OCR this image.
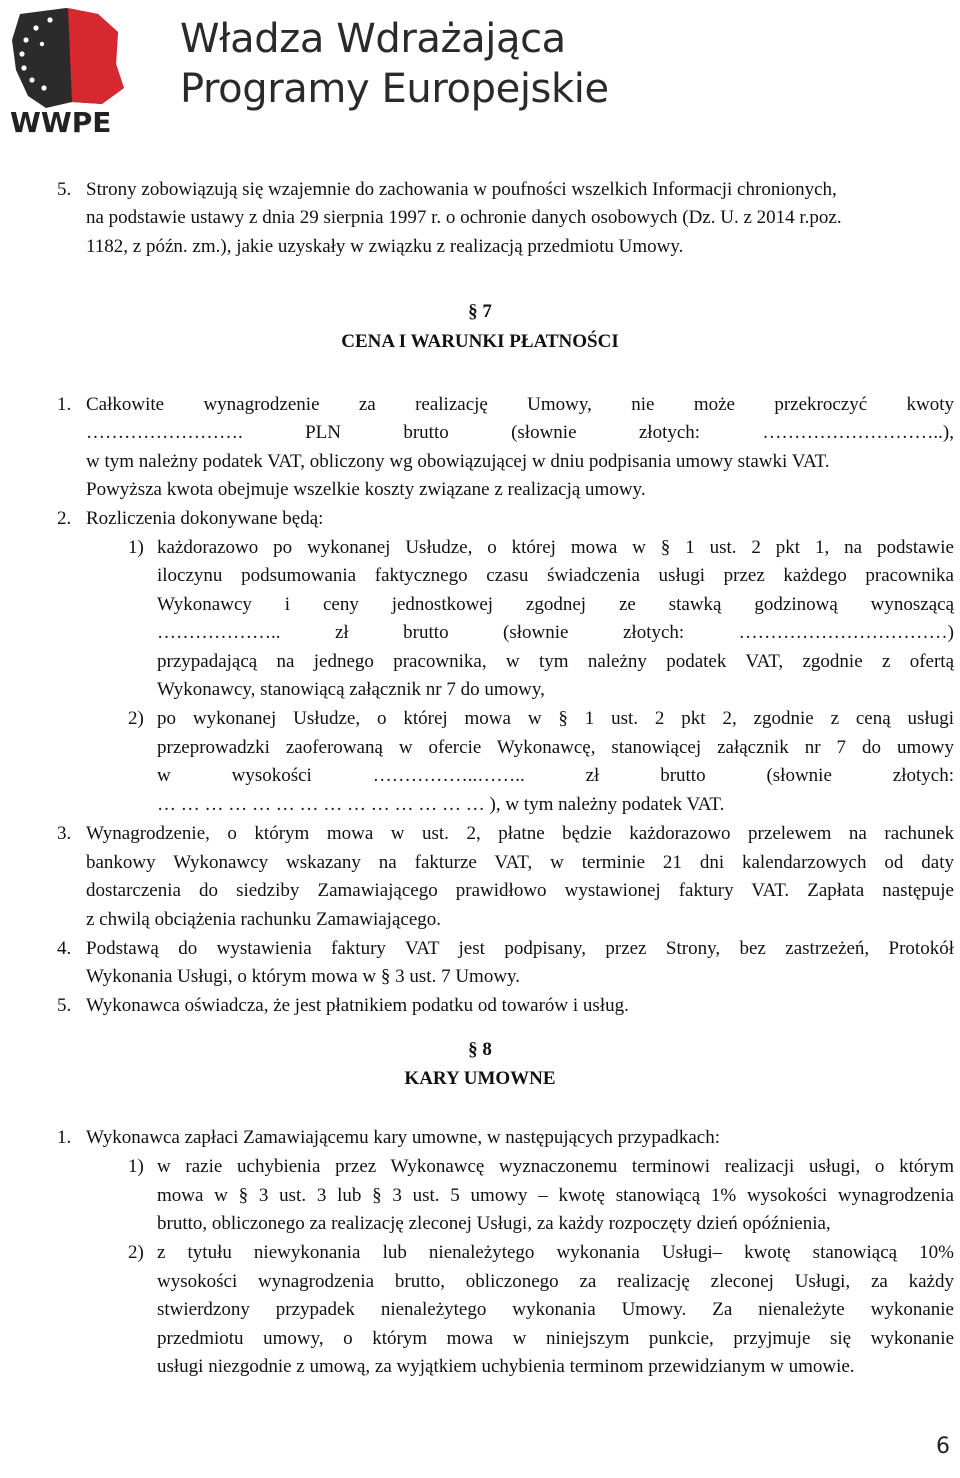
WWPE
Władza Wdrażająca
Programy Europejskie
5. Strony zobowiązują się wzajemnie do zachowania w poufności wszelkich Informacji chronionych,
na podstawie ustawy z dnia 29 sierpnia 1997 r. o ochronie danych osobowych (Dz. U. z 2014 r.poz.
1182, z późn. zm.), jakie uzyskały w związku z realizacją przedmiotu Umowy.
§ 7
CENA I WARUNKI PŁATNOŚCI
1. Całkowite wynagrodzenie za realizację Umowy, nie może przekroczyć kwoty
……………………. PLN brutto (słownie złotych: ………………………..),
w tym należny podatek VAT, obliczony wg obowiązującej w dniu podpisania umowy stawki VAT.
Powyższa kwota obejmuje wszelkie koszty związane z realizacją umowy.
2. Rozliczenia dokonywane będą:
1) każdorazowo po wykonanej Usłudze, o której mowa w § 1 ust. 2 pkt 1, na podstawie
iloczynu podsumowania faktycznego czasu świadczenia usługi przez każdego pracownika
Wykonawcy i ceny jednostkowej zgodnej ze stawką godzinową wynoszącą
……………….. zł brutto (słownie złotych: ……………………………)
przypadającą na jednego pracownika, w tym należny podatek VAT, zgodnie z ofertą
Wykonawcy, stanowiącą załącznik nr 7 do umowy,
2) po wykonanej Usłudze, o której mowa w § 1 ust. 2 pkt 2, zgodnie z ceną usługi
przeprowadzki zaoferowaną w ofercie Wykonawcę, stanowiącej załącznik nr 7 do umowy
w wysokości ……………..…….. zł brutto (słownie złotych:
… … … … … … … … … … … … … … ), w tym należny podatek VAT.
3. Wynagrodzenie, o którym mowa w ust. 2, płatne będzie każdorazowo przelewem na rachunek
bankowy Wykonawcy wskazany na fakturze VAT, w terminie 21 dni kalendarzowych od daty
dostarczenia do siedziby Zamawiającego prawidłowo wystawionej faktury VAT. Zapłata następuje
z chwilą obciążenia rachunku Zamawiającego.
4. Podstawą do wystawienia faktury VAT jest podpisany, przez Strony, bez zastrzeżeń, Protokół
Wykonania Usługi, o którym mowa w § 3 ust. 7 Umowy.
5. Wykonawca oświadcza, że jest płatnikiem podatku od towarów i usług.
§ 8
KARY UMOWNE
1. Wykonawca zapłaci Zamawiającemu kary umowne, w następujących przypadkach:
1) w razie uchybienia przez Wykonawcę wyznaczonemu terminowi realizacji usługi, o którym
mowa w § 3 ust. 3 lub § 3 ust. 5 umowy – kwotę stanowiącą 1% wysokości wynagrodzenia
brutto, obliczonego za realizację zleconej Usługi, za każdy rozpoczęty dzień opóźnienia,
2) z tytułu niewykonania lub nienależytego wykonania Usługi– kwotę stanowiącą 10%
wysokości wynagrodzenia brutto, obliczonego za realizację zleconej Usługi, za każdy
stwierdzony przypadek nienależytego wykonania Umowy. Za nienależyte wykonanie
przedmiotu umowy, o którym mowa w niniejszym punkcie, przyjmuje się wykonanie
usługi niezgodnie z umową, za wyjątkiem uchybienia terminom przewidzianym w umowie.
6
